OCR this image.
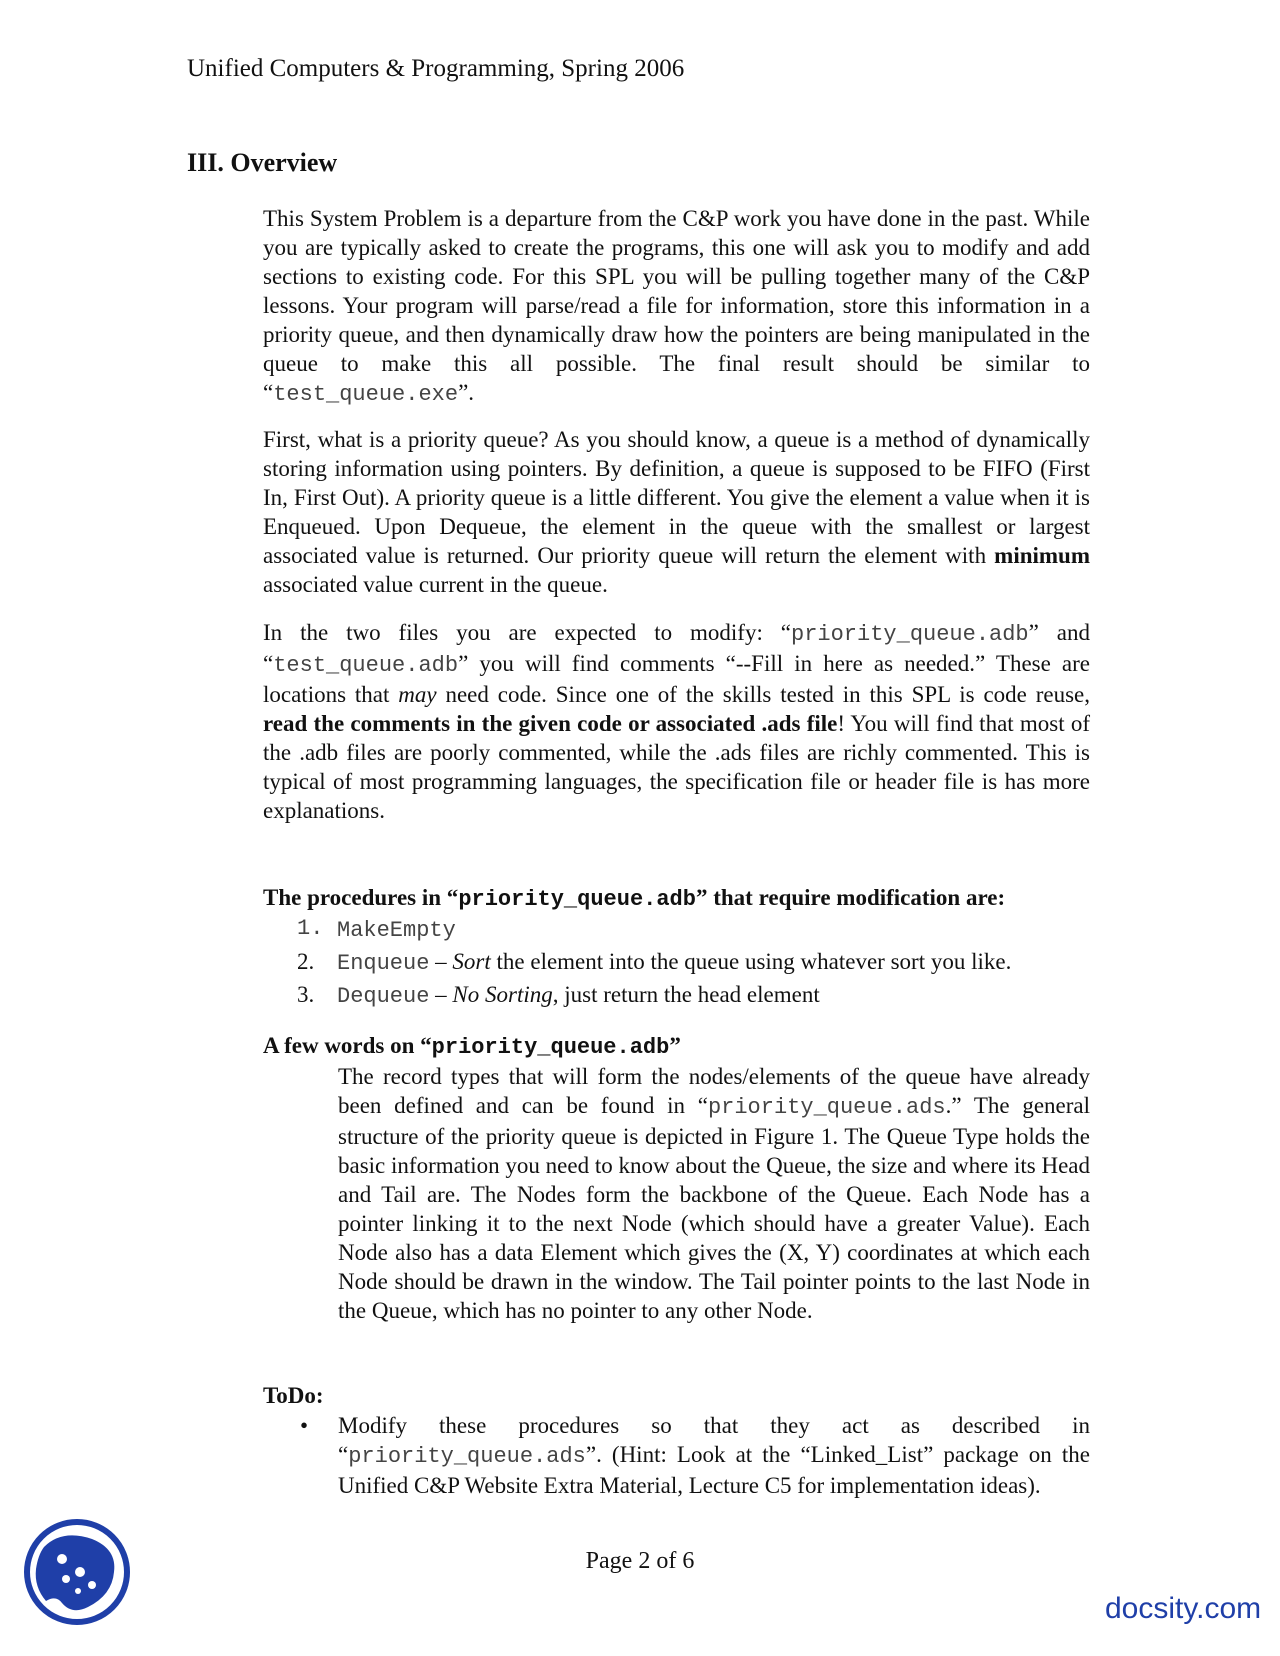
Unified Computers & Programming, Spring 2006
III. Overview
This System Problem is a departure from the C&P work you have done in the past. While you are typically asked to create the programs, this one will ask you to modify and add sections to existing code. For this SPL you will be pulling together many of the C&P lessons. Your program will parse/read a file for information, store this information in a priority queue, and then dynamically draw how the pointers are being manipulated in the queue to make this all possible. The final result should be similar to “test_queue.exe”.
First, what is a priority queue? As you should know, a queue is a method of dynamically storing information using pointers. By definition, a queue is supposed to be FIFO (First In, First Out). A priority queue is a little different. You give the element a value when it is Enqueued. Upon Dequeue, the element in the queue with the smallest or largest associated value is returned. Our priority queue will return the element with minimum associated value current in the queue.
In the two files you are expected to modify: “priority_queue.adb” and “test_queue.adb” you will find comments “--Fill in here as needed.” These are locations that may need code. Since one of the skills tested in this SPL is code reuse, read the comments in the given code or associated .ads file! You will find that most of the .adb files are poorly commented, while the .ads files are richly commented. This is typical of most programming languages, the specification file or header file is has more explanations.
The procedures in “priority_queue.adb” that require modification are:
1. MakeEmpty
2.	Enqueue – Sort the element into the queue using whatever sort you like.
3.	Dequeue – No Sorting, just return the head element
A few words on “priority_queue.adb”
The record types that will form the nodes/elements of the queue have already been defined and can be found in “priority_queue.ads.” The general structure of the priority queue is depicted in Figure 1. The Queue Type holds the basic information you need to know about the Queue, the size and where its Head and Tail are. The Nodes form the backbone of the Queue. Each Node has a pointer linking it to the next Node (which should have a greater Value). Each Node also has a data Element which gives the (X, Y) coordinates at which each Node should be drawn in the window. The Tail pointer points to the last Node in the Queue, which has no pointer to any other Node.
ToDo:
•	Modify these procedures so that they act as described in “priority_queue.ads”. (Hint: Look at the “Linked_List” package on the Unified C&P Website Extra Material, Lecture C5 for implementation ideas).
Page 2 of 6
docsity.com
